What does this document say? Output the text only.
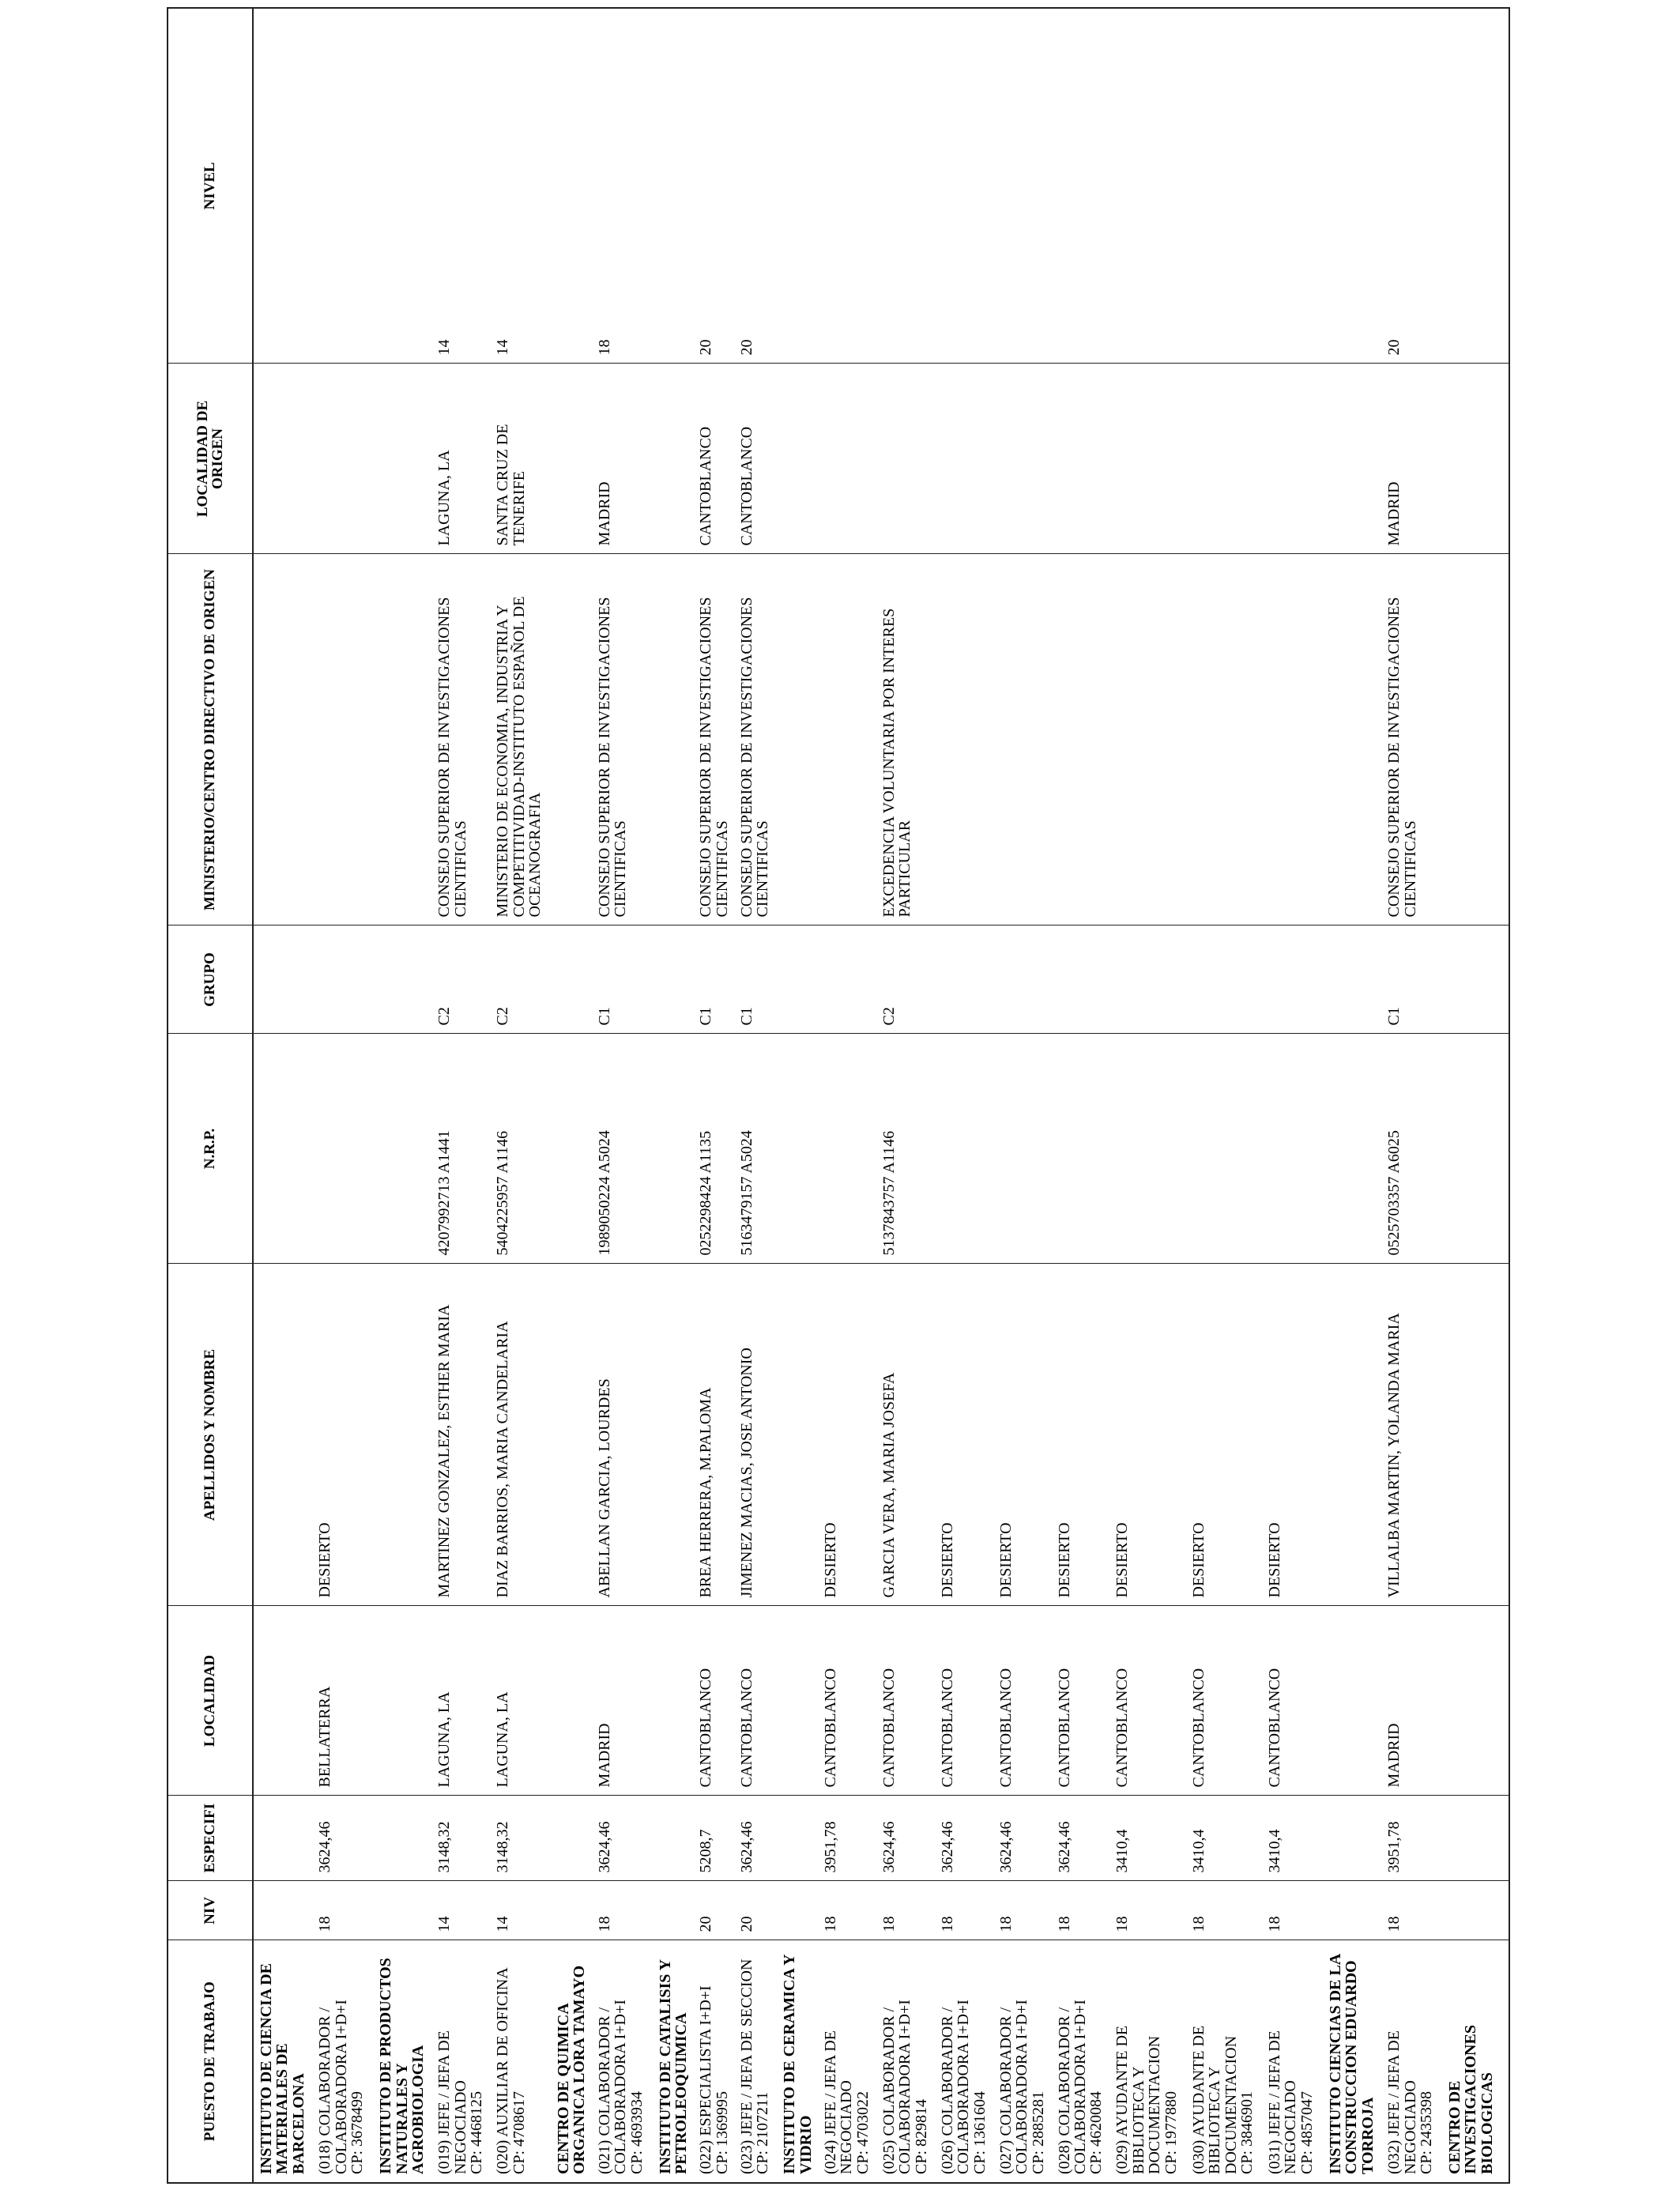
PUESTO DE TRABAJO	NIV	ESPECIFI	LOCALIDAD	APELLIDOS Y NOMBRE	N.R.P.	GRUPO	MINISTERIO/CENTRO DIRECTIVO DE ORIGEN	LOCALIDAD DE ORIGEN	NIVEL
INSTITUTO DE CIENCIA DE MATERIALES DE BARCELONA									

(018) COLABORADOR / COLABORADORA I+D+I
CP: 3678499	18	3624,46	BELLATERRA	DESIERTO					
INSTITUTO DE PRODUCTOS NATURALES Y AGROBIOLOGIA									

(019) JEFE / JEFA DE NEGOCIADO
CP: 4468125	14	3148,32	LAGUNA, LA	MARTINEZ GONZALEZ, ESTHER MARIA	4207992713 A1441	C2	CONSEJO SUPERIOR DE INVESTIGACIONES CIENTIFICAS	LAGUNA, LA	14

(020) AUXILIAR DE OFICINA
CP: 4708617	14	3148,32	LAGUNA, LA	DIAZ BARRIOS, MARIA CANDELARIA	5404225957 A1146	C2	MINISTERIO DE ECONOMIA, INDUSTRIA Y COMPETITIVIDAD-INSTITUTO ESPAÑOL DE OCEANOGRAFIA	SANTA CRUZ DE TENERIFE	14
CENTRO DE QUIMICA ORGANICA LORA TAMAYO									

(021) COLABORADOR / COLABORADORA I+D+I
CP: 4693934	18	3624,46	MADRID	ABELLAN GARCIA, LOURDES	1989050224 A5024	C1	CONSEJO SUPERIOR DE INVESTIGACIONES CIENTIFICAS	MADRID	18
INSTITUTO DE CATALISIS Y PETROLEOQUIMICA									

(022) ESPECIALISTA I+D+I
CP: 1369995	20	5208,7	CANTOBLANCO	BREA HERRERA, M.PALOMA	0252298424 A1135	C1	CONSEJO SUPERIOR DE INVESTIGACIONES CIENTIFICAS	CANTOBLANCO	20

(023) JEFE / JEFA DE SECCION
CP: 2107211	20	3624,46	CANTOBLANCO	JIMENEZ MACIAS, JOSE ANTONIO	5163479157 A5024	C1	CONSEJO SUPERIOR DE INVESTIGACIONES CIENTIFICAS	CANTOBLANCO	20
INSTITUTO DE CERAMICA Y VIDRIO									

(024) JEFE / JEFA DE NEGOCIADO
CP: 4703022	18	3951,78	CANTOBLANCO	DESIERTO					

(025) COLABORADOR / COLABORADORA I+D+I
CP: 829814	18	3624,46	CANTOBLANCO	GARCIA VERA, MARIA JOSEFA	5137843757 A1146	C2	EXCEDENCIA VOLUNTARIA POR INTERES PARTICULAR		

(026) COLABORADOR / COLABORADORA I+D+I
CP: 1361604	18	3624,46	CANTOBLANCO	DESIERTO					

(027) COLABORADOR / COLABORADORA I+D+I
CP: 2885281	18	3624,46	CANTOBLANCO	DESIERTO					

(028) COLABORADOR / COLABORADORA I+D+I
CP: 4620084	18	3624,46	CANTOBLANCO	DESIERTO					

(029) AYUDANTE DE BIBLIOTECA Y DOCUMENTACION
CP: 1977880	18	3410,4	CANTOBLANCO	DESIERTO					

(030) AYUDANTE DE BIBLIOTECA Y DOCUMENTACION
CP: 3846901	18	3410,4	CANTOBLANCO	DESIERTO					

(031) JEFE / JEFA DE NEGOCIADO
CP: 4857047	18	3410,4	CANTOBLANCO	DESIERTO					
INSTITUTO CIENCIAS DE LA CONSTRUCCION EDUARDO TORROJA									

(032) JEFE / JEFA DE NEGOCIADO
CP: 2435398	18	3951,78	MADRID	VILLALBA MARTIN, YOLANDA MARIA	0525703357 A6025	C1	CONSEJO SUPERIOR DE INVESTIGACIONES CIENTIFICAS	MADRID	20
CENTRO DE INVESTIGACIONES BIOLOGICAS									
